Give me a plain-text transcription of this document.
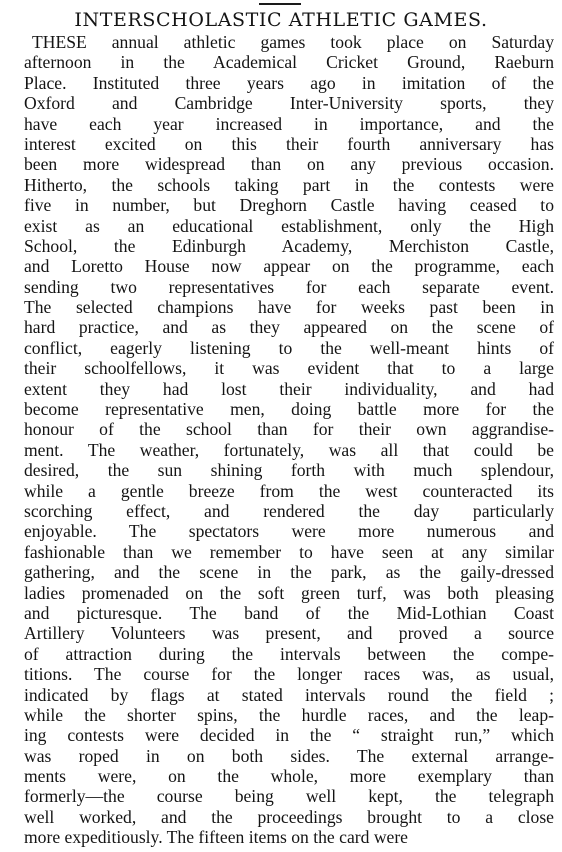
INTERSCHOLASTIC ATHLETIC GAMES.
THESE annual athletic games took place on Saturday
afternoon in the Academical Cricket Ground, Raeburn
Place. Instituted three years ago in imitation of the
Oxford and Cambridge Inter-University sports, they
have each year increased in importance, and the
interest excited on this their fourth anniversary has
been more widespread than on any previous occasion.
Hitherto, the schools taking part in the contests were
five in number, but Dreghorn Castle having ceased to
exist as an educational establishment, only the High
School, the Edinburgh Academy, Merchiston Castle,
and Loretto House now appear on the programme, each
sending two representatives for each separate event.
The selected champions have for weeks past been in
hard practice, and as they appeared on the scene of
conflict, eagerly listening to the well-meant hints of
their schoolfellows, it was evident that to a large
extent they had lost their individuality, and had
become representative men, doing battle more for the
honour of the school than for their own aggrandise-
ment. The weather, fortunately, was all that could be
desired, the sun shining forth with much splendour,
while a gentle breeze from the west counteracted its
scorching effect, and rendered the day particularly
enjoyable. The spectators were more numerous and
fashionable than we remember to have seen at any similar
gathering, and the scene in the park, as the gaily-dressed
ladies promenaded on the soft green turf, was both pleasing
and picturesque. The band of the Mid-Lothian Coast
Artillery Volunteers was present, and proved a source
of attraction during the intervals between the compe-
titions. The course for the longer races was, as usual,
indicated by flags at stated intervals round the field ;
while the shorter spins, the hurdle races, and the leap-
ing contests were decided in the “ straight run,” which
was roped in on both sides. The external arrange-
ments were, on the whole, more exemplary than
formerly—the course being well kept, the telegraph
well worked, and the proceedings brought to a close
more expeditiously. The fifteen items on the card were
